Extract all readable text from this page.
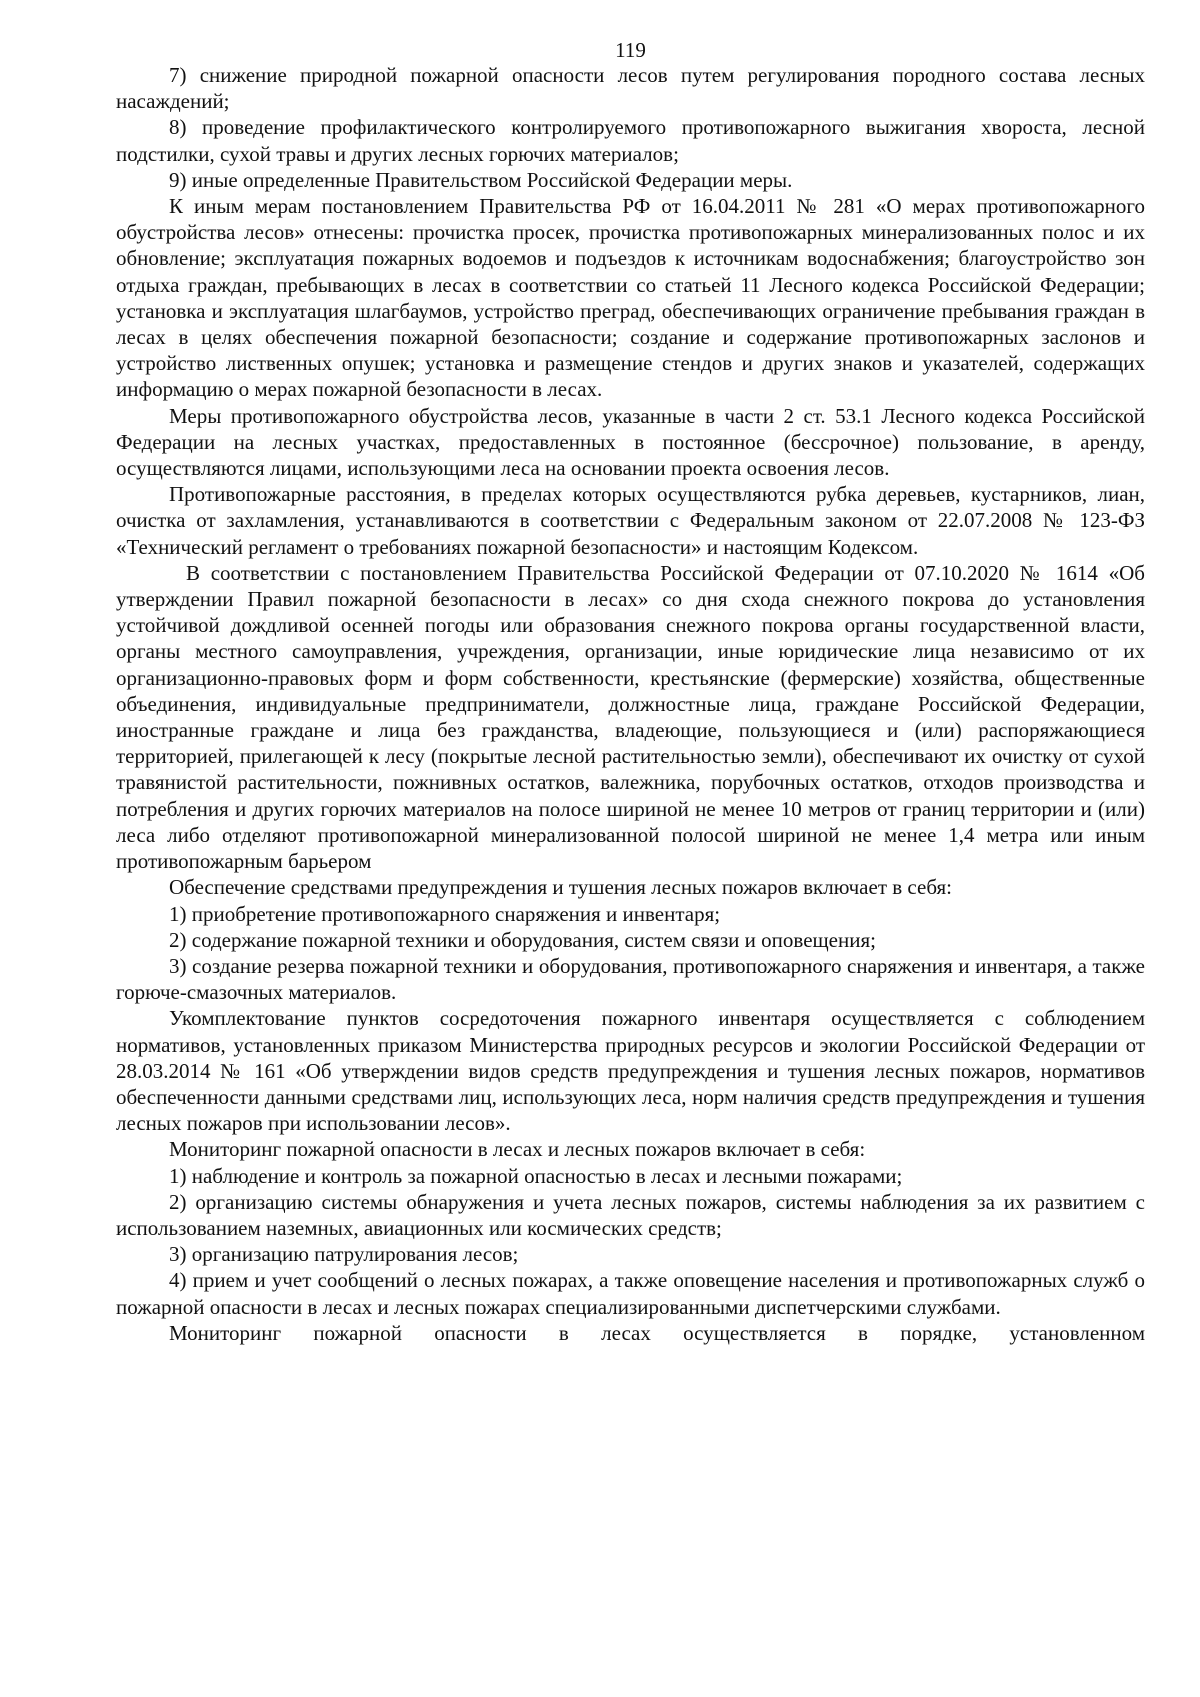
119

7) снижение природной пожарной опасности лесов путем регулирования породного состава лесных насаждений;

8) проведение профилактического контролируемого противопожарного выжигания хвороста, лесной подстилки, сухой травы и других лесных горючих материалов;

9) иные определенные Правительством Российской Федерации меры.

К иным мерам постановлением Правительства РФ от 16.04.2011 № 281 «О мерах противопожарного обустройства лесов» отнесены: прочистка просек, прочистка противопожарных минерализованных полос и их обновление; эксплуатация пожарных водоемов и подъездов к источникам водоснабжения; благоустройство зон отдыха граждан, пребывающих в лесах в соответствии со статьей 11 Лесного кодекса Российской Федерации; установка и эксплуатация шлагбаумов, устройство преград, обеспечивающих ограничение пребывания граждан в лесах в целях обеспечения пожарной безопасности; создание и содержание противопожарных заслонов и устройство лиственных опушек; установка и размещение стендов и других знаков и указателей, содержащих информацию о мерах пожарной безопасности в лесах.

Меры противопожарного обустройства лесов, указанные в части 2 ст. 53.1 Лесного кодекса Российской Федерации на лесных участках, предоставленных в постоянное (бессрочное) пользование, в аренду, осуществляются лицами, использующими леса на основании проекта освоения лесов.

Противопожарные расстояния, в пределах которых осуществляются рубка деревьев, кустарников, лиан, очистка от захламления, устанавливаются в соответствии с Федеральным законом от 22.07.2008 № 123-ФЗ «Технический регламент о требованиях пожарной безопасности» и настоящим Кодексом.

В соответствии с постановлением Правительства Российской Федерации от 07.10.2020 № 1614 «Об утверждении Правил пожарной безопасности в лесах» со дня схода снежного покрова до установления устойчивой дождливой осенней погоды или образования снежного покрова органы государственной власти, органы местного самоуправления, учреждения, организации, иные юридические лица независимо от их организационно-правовых форм и форм собственности, крестьянские (фермерские) хозяйства, общественные объединения, индивидуальные предприниматели, должностные лица, граждане Российской Федерации, иностранные граждане и лица без гражданства, владеющие, пользующиеся и (или) распоряжающиеся территорией, прилегающей к лесу (покрытые лесной растительностью земли), обеспечивают их очистку от сухой травянистой растительности, пожнивных остатков, валежника, порубочных остатков, отходов производства и потребления и других горючих материалов на полосе шириной не менее 10 метров от границ территории и (или) леса либо отделяют противопожарной минерализованной полосой шириной не менее 1,4 метра или иным противопожарным барьером

Обеспечение средствами предупреждения и тушения лесных пожаров включает в себя:

1) приобретение противопожарного снаряжения и инвентаря;

2) содержание пожарной техники и оборудования, систем связи и оповещения;

3) создание резерва пожарной техники и оборудования, противопожарного снаряжения и инвентаря, а также горюче-смазочных материалов.

Укомплектование пунктов сосредоточения пожарного инвентаря осуществляется с соблюдением нормативов, установленных приказом Министерства природных ресурсов и экологии Российской Федерации от 28.03.2014 № 161 «Об утверждении видов средств предупреждения и тушения лесных пожаров, нормативов обеспеченности данными средствами лиц, использующих леса, норм наличия средств предупреждения и тушения лесных пожаров при использовании лесов».

Мониторинг пожарной опасности в лесах и лесных пожаров включает в себя:

1) наблюдение и контроль за пожарной опасностью в лесах и лесными пожарами;

2) организацию системы обнаружения и учета лесных пожаров, системы наблюдения за их развитием с использованием наземных, авиационных или космических средств;

3) организацию патрулирования лесов;

4) прием и учет сообщений о лесных пожарах, а также оповещение населения и противопожарных служб о пожарной опасности в лесах и лесных пожарах специализированными диспетчерскими службами.

Мониторинг пожарной опасности в лесах осуществляется в порядке, установленном
